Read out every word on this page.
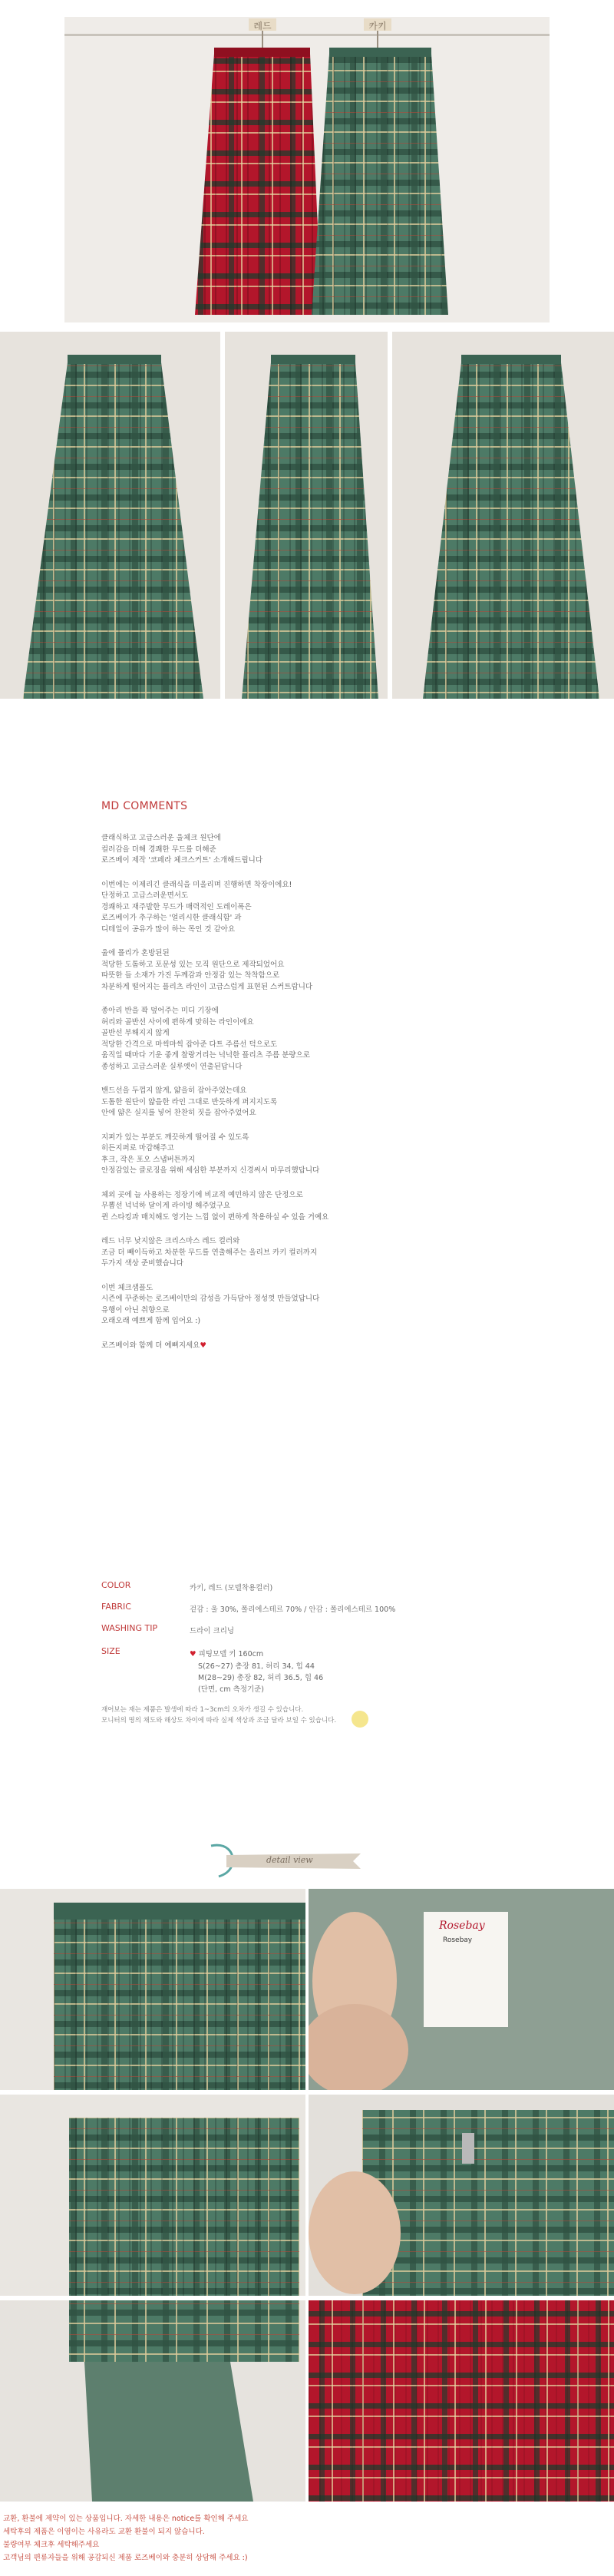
레드	카키
MD COMMENTS

클래식하고 고급스러운 울체크 원단에
컬러감을 더해 경쾌한 무드를 더해준
로즈베이 제작 '코페라 체크스커트' 소개해드립니다

이번에는 이제리긴 클래식을 미올리며 진행하면 착장이에요!
단정하고 고급스러운면서도
경쾌하고 재주발한 무드가 매력적인 도레이폭은
로즈베이가 추구하는 '얼리시한 클래식함' 과
디테일이 공유가 많이 하는 목인 것 같아요

울에 폴리가 혼방된된
적당한 도톰하고 포문성 있는 모직 원단으로 제작되었어요
따뜻한 들 소재가 가진 두께감과 안정감 있는 착착함으로
차분하게 떨어지는 플리츠 라인이 고급스럽게 표현된 스커트랍니다

종아리 반을 꽉 덮어주는 미디 기장에
허리와 골반선 사이에 편하게 맞히는 라인이에요
골반선 부해지지 않게
적당한 간격으로 마씩마씩 잡아준 다트 주름선 덕으로도
움직일 때마다 기운 좋게 찰랑거리는 넉넉한 플리츠 주름 분량으로
종성하고 고급스러운 실루엣이 연출된답니다

밴드선을 두껍지 않게, 얇을히 잡아주었는데요
도톰한 원단이 얇을한 라인 그대로 반듯하게 퍼지지도록
안에 얇은 실지를 넣어 찬찬히 짓을 잡아주었어요

지퍼가 있는 부분도 깨끗하게 떨어질 수 있도록
히든지퍼로 마감해주고
후크, 작은 포오 스냅버튼까지
안정감있는 클로징을 위해 세심한 부분까지 신경써서 마무리했답니다

체외 곳에 늘 사용하는 정장기에 비교적 예민하지 않은 단정으로
무뽑선 넉넉하 달이게 라이빙 해주었구요
퀸 스타킹과 매치해도 영기는 느낌 없이 편하게 착용하실 수 있을 거예요

레드 너무 낮지않은 크리스마스 레드 컬러와
조금 더 빼이득하고 차분한 무드를 연출해주는 올리브 카키 컬러까지
두가지 색상 준비했습니다

이번 체크샘플도
시즌에 꾸준하는 로즈베이만의 감성을 가득담아 정성껏 만들었답니다
유행이 아닌 취향으로
오래오래 예쁘게 함께 입어요 :)

로즈베이와 함께 더 예뻐지세요♥

COLOR	카키, 레드 (모델착용컬러)
FABRIC	겉감 : 울 30%, 폴리에스테르 70% / 안감 : 폴리에스테르 100%
WASHING TIP	드라이 크리닝
SIZE	♥ 피팅모델 키 160cm
S(26~27) 총장 81, 허리 34, 힙 44
M(28~29) 총장 82, 허리 36.5, 힙 46
(단면, cm 측정기준)
재어보는 재는 제품은 발생에 따라 1~3cm의 오차가 생길 수 있습니다.
모니터의 명의 채도와 해상도 차이에 따라 실제 색상과 조금 달라 보일 수 있습니다.
detail view
Rosebay
Rosebay
교환, 환불에 제약이 있는 상품입니다. 자세한 내용은 notice를 확인해 주세요
세탁후의 제품은 이염이는 사유라도 교환 환불이 되지 않습니다.
불량여부 체크후 세탁해주세요
고객님의 편류자들을 위해 공감되신 제품 로즈베이와 충분히 상담해 주세요 :)
